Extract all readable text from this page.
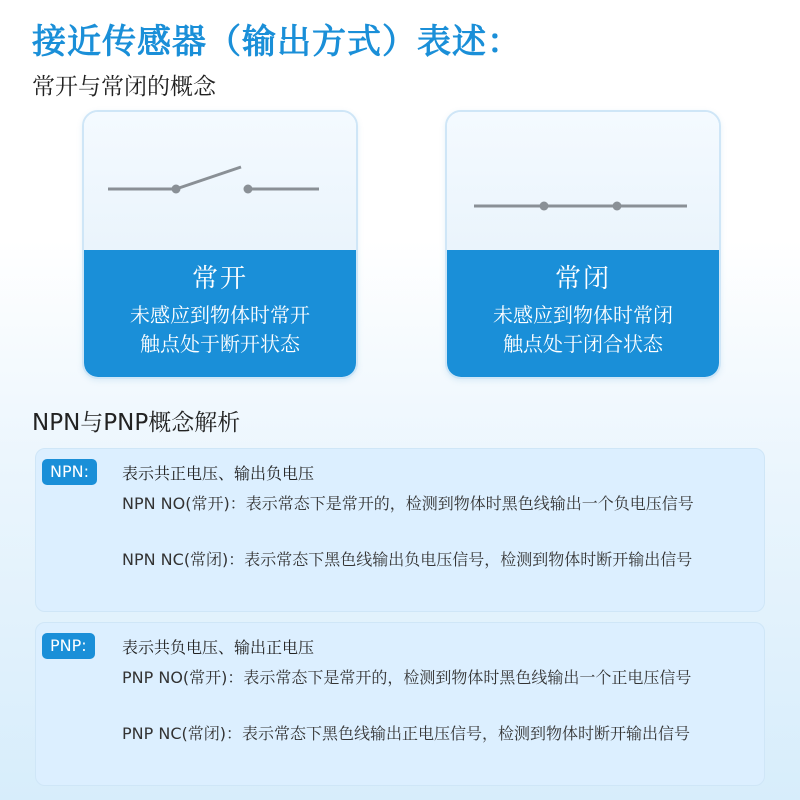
接近传感器（输出方式）表述：
常开与常闭的概念
常开
未感应到物体时常开
触点处于断开状态
常闭
未感应到物体时常闭
触点处于闭合状态
NPN与PNP概念解析
NPN:	表示共正电压、输出负电压
NPN NO(常开)：表示常态下是常开的，检测到物体时黑色线输出一个负电压信号
NPN NC(常闭)：表示常态下黑色线输出负电压信号，检测到物体时断开输出信号
PNP:	表示共负电压、输出正电压
PNP NO(常开)：表示常态下是常开的，检测到物体时黑色线输出一个正电压信号
PNP NC(常闭)：表示常态下黑色线输出正电压信号，检测到物体时断开输出信号
